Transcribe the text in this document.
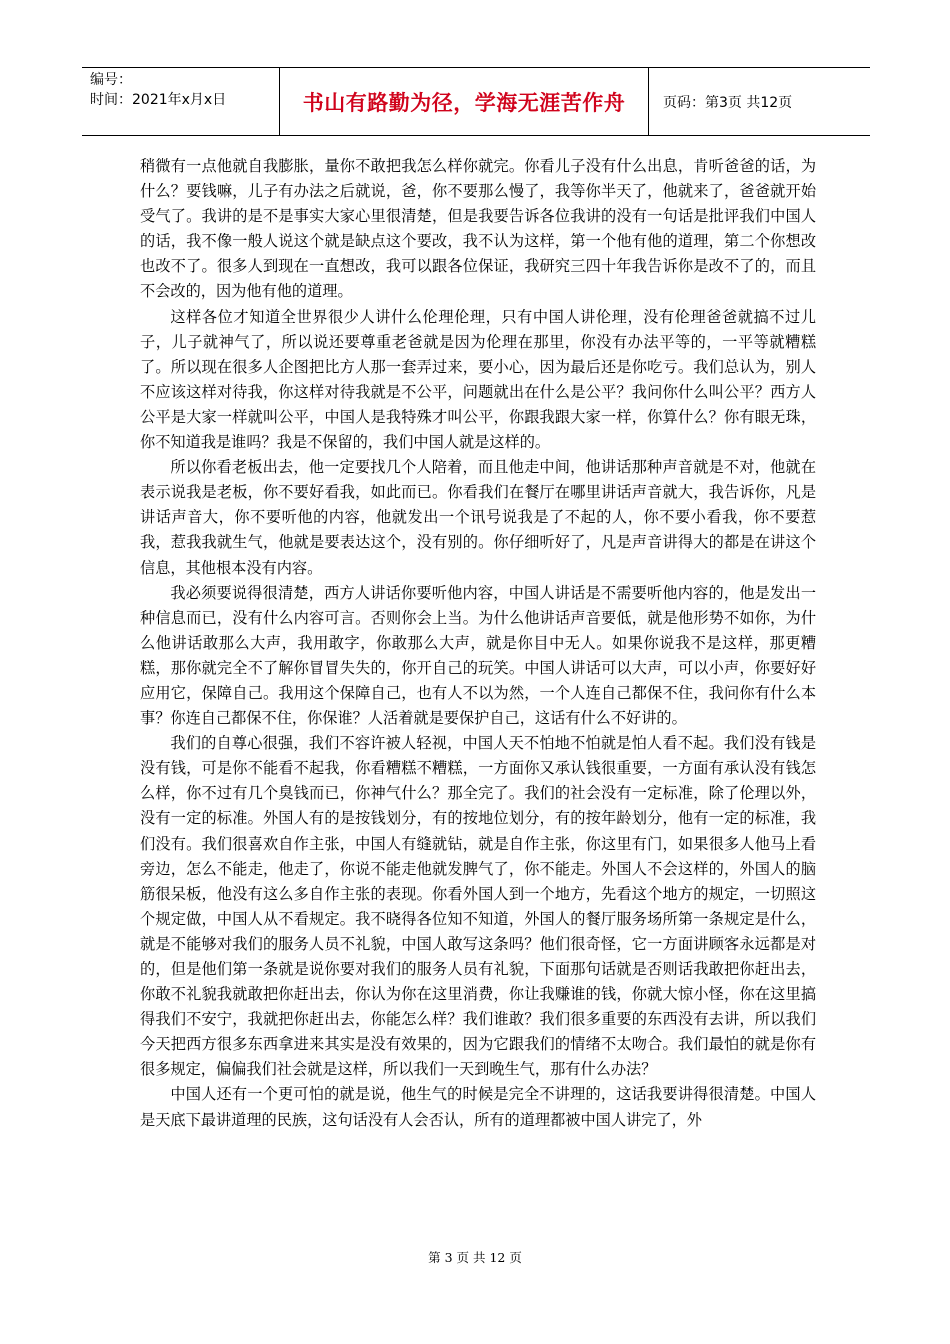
编号：
时间：2021年x月x日	书山有路勤为径，学海无涯苦作舟	页码：第3页 共12页

稍微有一点他就自我膨胀，量你不敢把我怎么样你就完。你看儿子没有什么出息，肯听爸爸的话，为什么？要钱嘛，儿子有办法之后就说，爸，你不要那么慢了，我等你半天了，他就来了，爸爸就开始受气了。我讲的是不是事实大家心里很清楚，但是我要告诉各位我讲的没有一句话是批评我们中国人的话，我不像一般人说这个就是缺点这个要改，我不认为这样，第一个他有他的道理，第二个你想改也改不了。很多人到现在一直想改，我可以跟各位保证，我研究三四十年我告诉你是改不了的，而且不会改的，因为他有他的道理。

这样各位才知道全世界很少人讲什么伦理伦理，只有中国人讲伦理，没有伦理爸爸就搞不过儿子，儿子就神气了，所以说还要尊重老爸就是因为伦理在那里，你没有办法平等的，一平等就糟糕了。所以现在很多人企图把比方人那一套弄过来，要小心，因为最后还是你吃亏。我们总认为，别人不应该这样对待我，你这样对待我就是不公平，问题就出在什么是公平？我问你什么叫公平？西方人公平是大家一样就叫公平，中国人是我特殊才叫公平，你跟我跟大家一样，你算什么？你有眼无珠，你不知道我是谁吗？我是不保留的，我们中国人就是这样的。

所以你看老板出去，他一定要找几个人陪着，而且他走中间，他讲话那种声音就是不对，他就在表示说我是老板，你不要好看我，如此而已。你看我们在餐厅在哪里讲话声音就大，我告诉你，凡是讲话声音大，你不要听他的内容，他就发出一个讯号说我是了不起的人，你不要小看我，你不要惹我，惹我我就生气，他就是要表达这个，没有别的。你仔细听好了，凡是声音讲得大的都是在讲这个信息，其他根本没有内容。

我必须要说得很清楚，西方人讲话你要听他内容，中国人讲话是不需要听他内容的，他是发出一种信息而已，没有什么内容可言。否则你会上当。为什么他讲话声音要低，就是他形势不如你，为什么他讲话敢那么大声，我用敢字，你敢那么大声，就是你目中无人。如果你说我不是这样，那更糟糕，那你就完全不了解你冒冒失失的，你开自己的玩笑。中国人讲话可以大声，可以小声，你要好好应用它，保障自己。我用这个保障自己，也有人不以为然，一个人连自己都保不住，我问你有什么本事？你连自己都保不住，你保谁？人活着就是要保护自己，这话有什么不好讲的。

我们的自尊心很强，我们不容许被人轻视，中国人天不怕地不怕就是怕人看不起。我们没有钱是没有钱，可是你不能看不起我，你看糟糕不糟糕，一方面你又承认钱很重要，一方面有承认没有钱怎么样，你不过有几个臭钱而已，你神气什么？那全完了。我们的社会没有一定标准，除了伦理以外，没有一定的标准。外国人有的是按钱划分，有的按地位划分，有的按年龄划分，他有一定的标准，我们没有。我们很喜欢自作主张，中国人有缝就钻，就是自作主张，你这里有门，如果很多人他马上看旁边，怎么不能走，他走了，你说不能走他就发脾气了，你不能走。外国人不会这样的，外国人的脑筋很呆板，他没有这么多自作主张的表现。你看外国人到一个地方，先看这个地方的规定，一切照这个规定做，中国人从不看规定。我不晓得各位知不知道，外国人的餐厅服务场所第一条规定是什么，就是不能够对我们的服务人员不礼貌，中国人敢写这条吗？他们很奇怪，它一方面讲顾客永远都是对的，但是他们第一条就是说你要对我们的服务人员有礼貌，下面那句话就是否则话我敢把你赶出去，你敢不礼貌我就敢把你赶出去，你认为你在这里消费，你让我赚谁的钱，你就大惊小怪，你在这里搞得我们不安宁，我就把你赶出去，你能怎么样？我们谁敢？我们很多重要的东西没有去讲，所以我们今天把西方很多东西拿进来其实是没有效果的，因为它跟我们的情绪不太吻合。我们最怕的就是你有很多规定，偏偏我们社会就是这样，所以我们一天到晚生气，那有什么办法？

中国人还有一个更可怕的就是说，他生气的时候是完全不讲理的，这话我要讲得很清楚。中国人是天底下最讲道理的民族，这句话没有人会否认，所有的道理都被中国人讲完了，外

第 3 页 共 12 页
